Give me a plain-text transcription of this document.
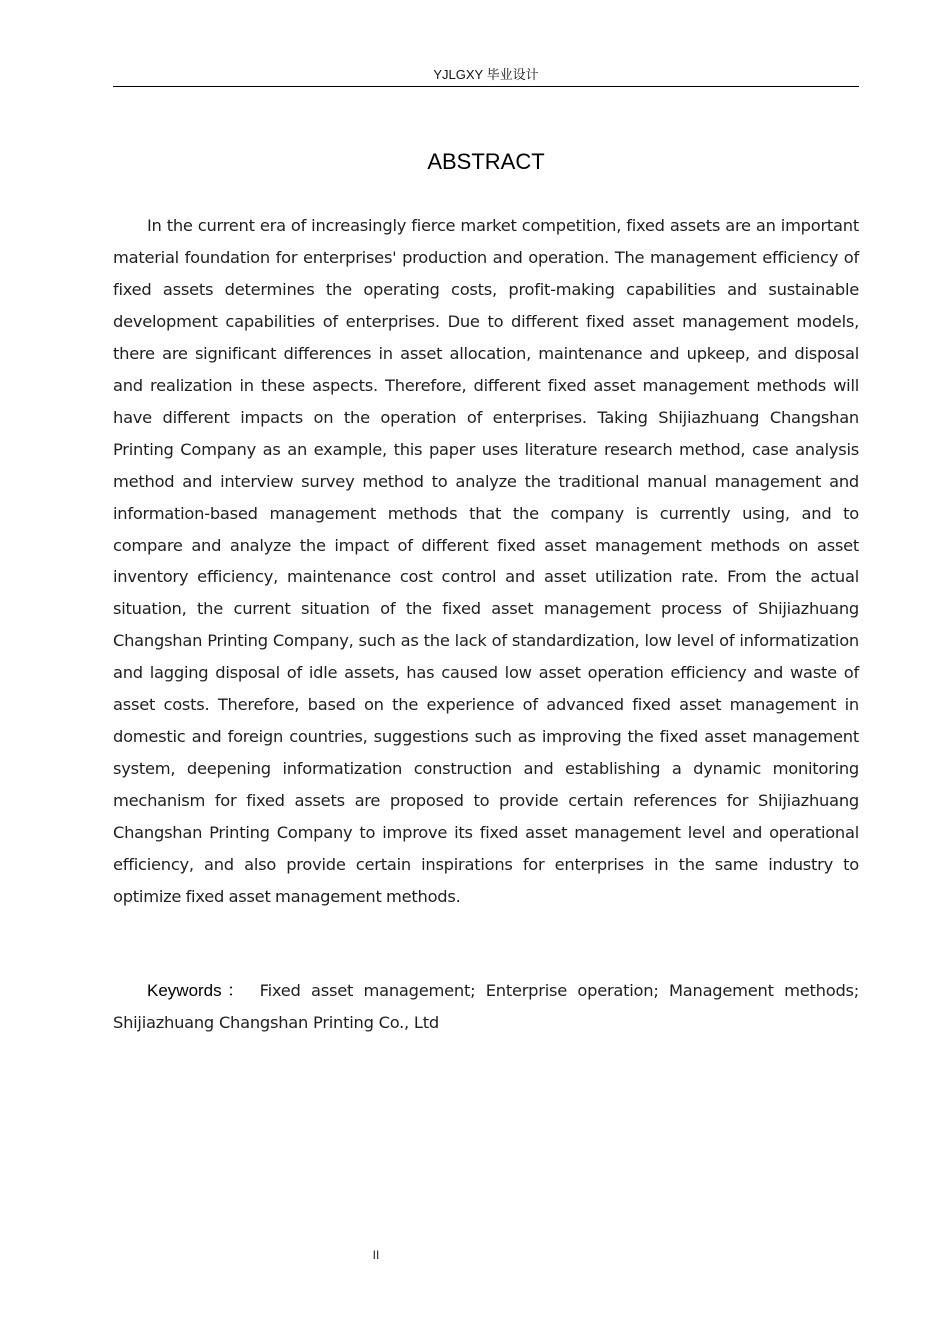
YJLGXY 毕业设计
ABSTRACT

In the current era of increasingly fierce market competition, fixed assets are an important material foundation for enterprises' production and operation. The management efficiency of fixed assets determines the operating costs, profit-making capabilities and sustainable development capabilities of enterprises. Due to different fixed asset management models, there are significant differences in asset allocation, maintenance and upkeep, and disposal and realization in these aspects. Therefore, different fixed asset management methods will have different impacts on the operation of enterprises. Taking Shijiazhuang Changshan Printing Company as an example, this paper uses literature research method, case analysis method and interview survey method to analyze the traditional manual management and information-based management methods that the company is currently using, and to compare and analyze the impact of different fixed asset management methods on asset inventory efficiency, maintenance cost control and asset utilization rate. From the actual situation, the current situation of the fixed asset management process of Shijiazhuang Changshan Printing Company, such as the lack of standardization, low level of informatization and lagging disposal of idle assets, has caused low asset operation efficiency and waste of asset costs. Therefore, based on the experience of advanced fixed asset management in domestic and foreign countries, suggestions such as improving the fixed asset management system, deepening informatization construction and establishing a dynamic monitoring mechanism for fixed assets are proposed to provide certain references for Shijiazhuang Changshan Printing Company to improve its fixed asset management level and operational efficiency, and also provide certain inspirations for enterprises in the same industry to optimize fixed asset management methods.

Keywords： Fixed asset management; Enterprise operation; Management methods; Shijiazhuang Changshan Printing Co., Ltd

II
